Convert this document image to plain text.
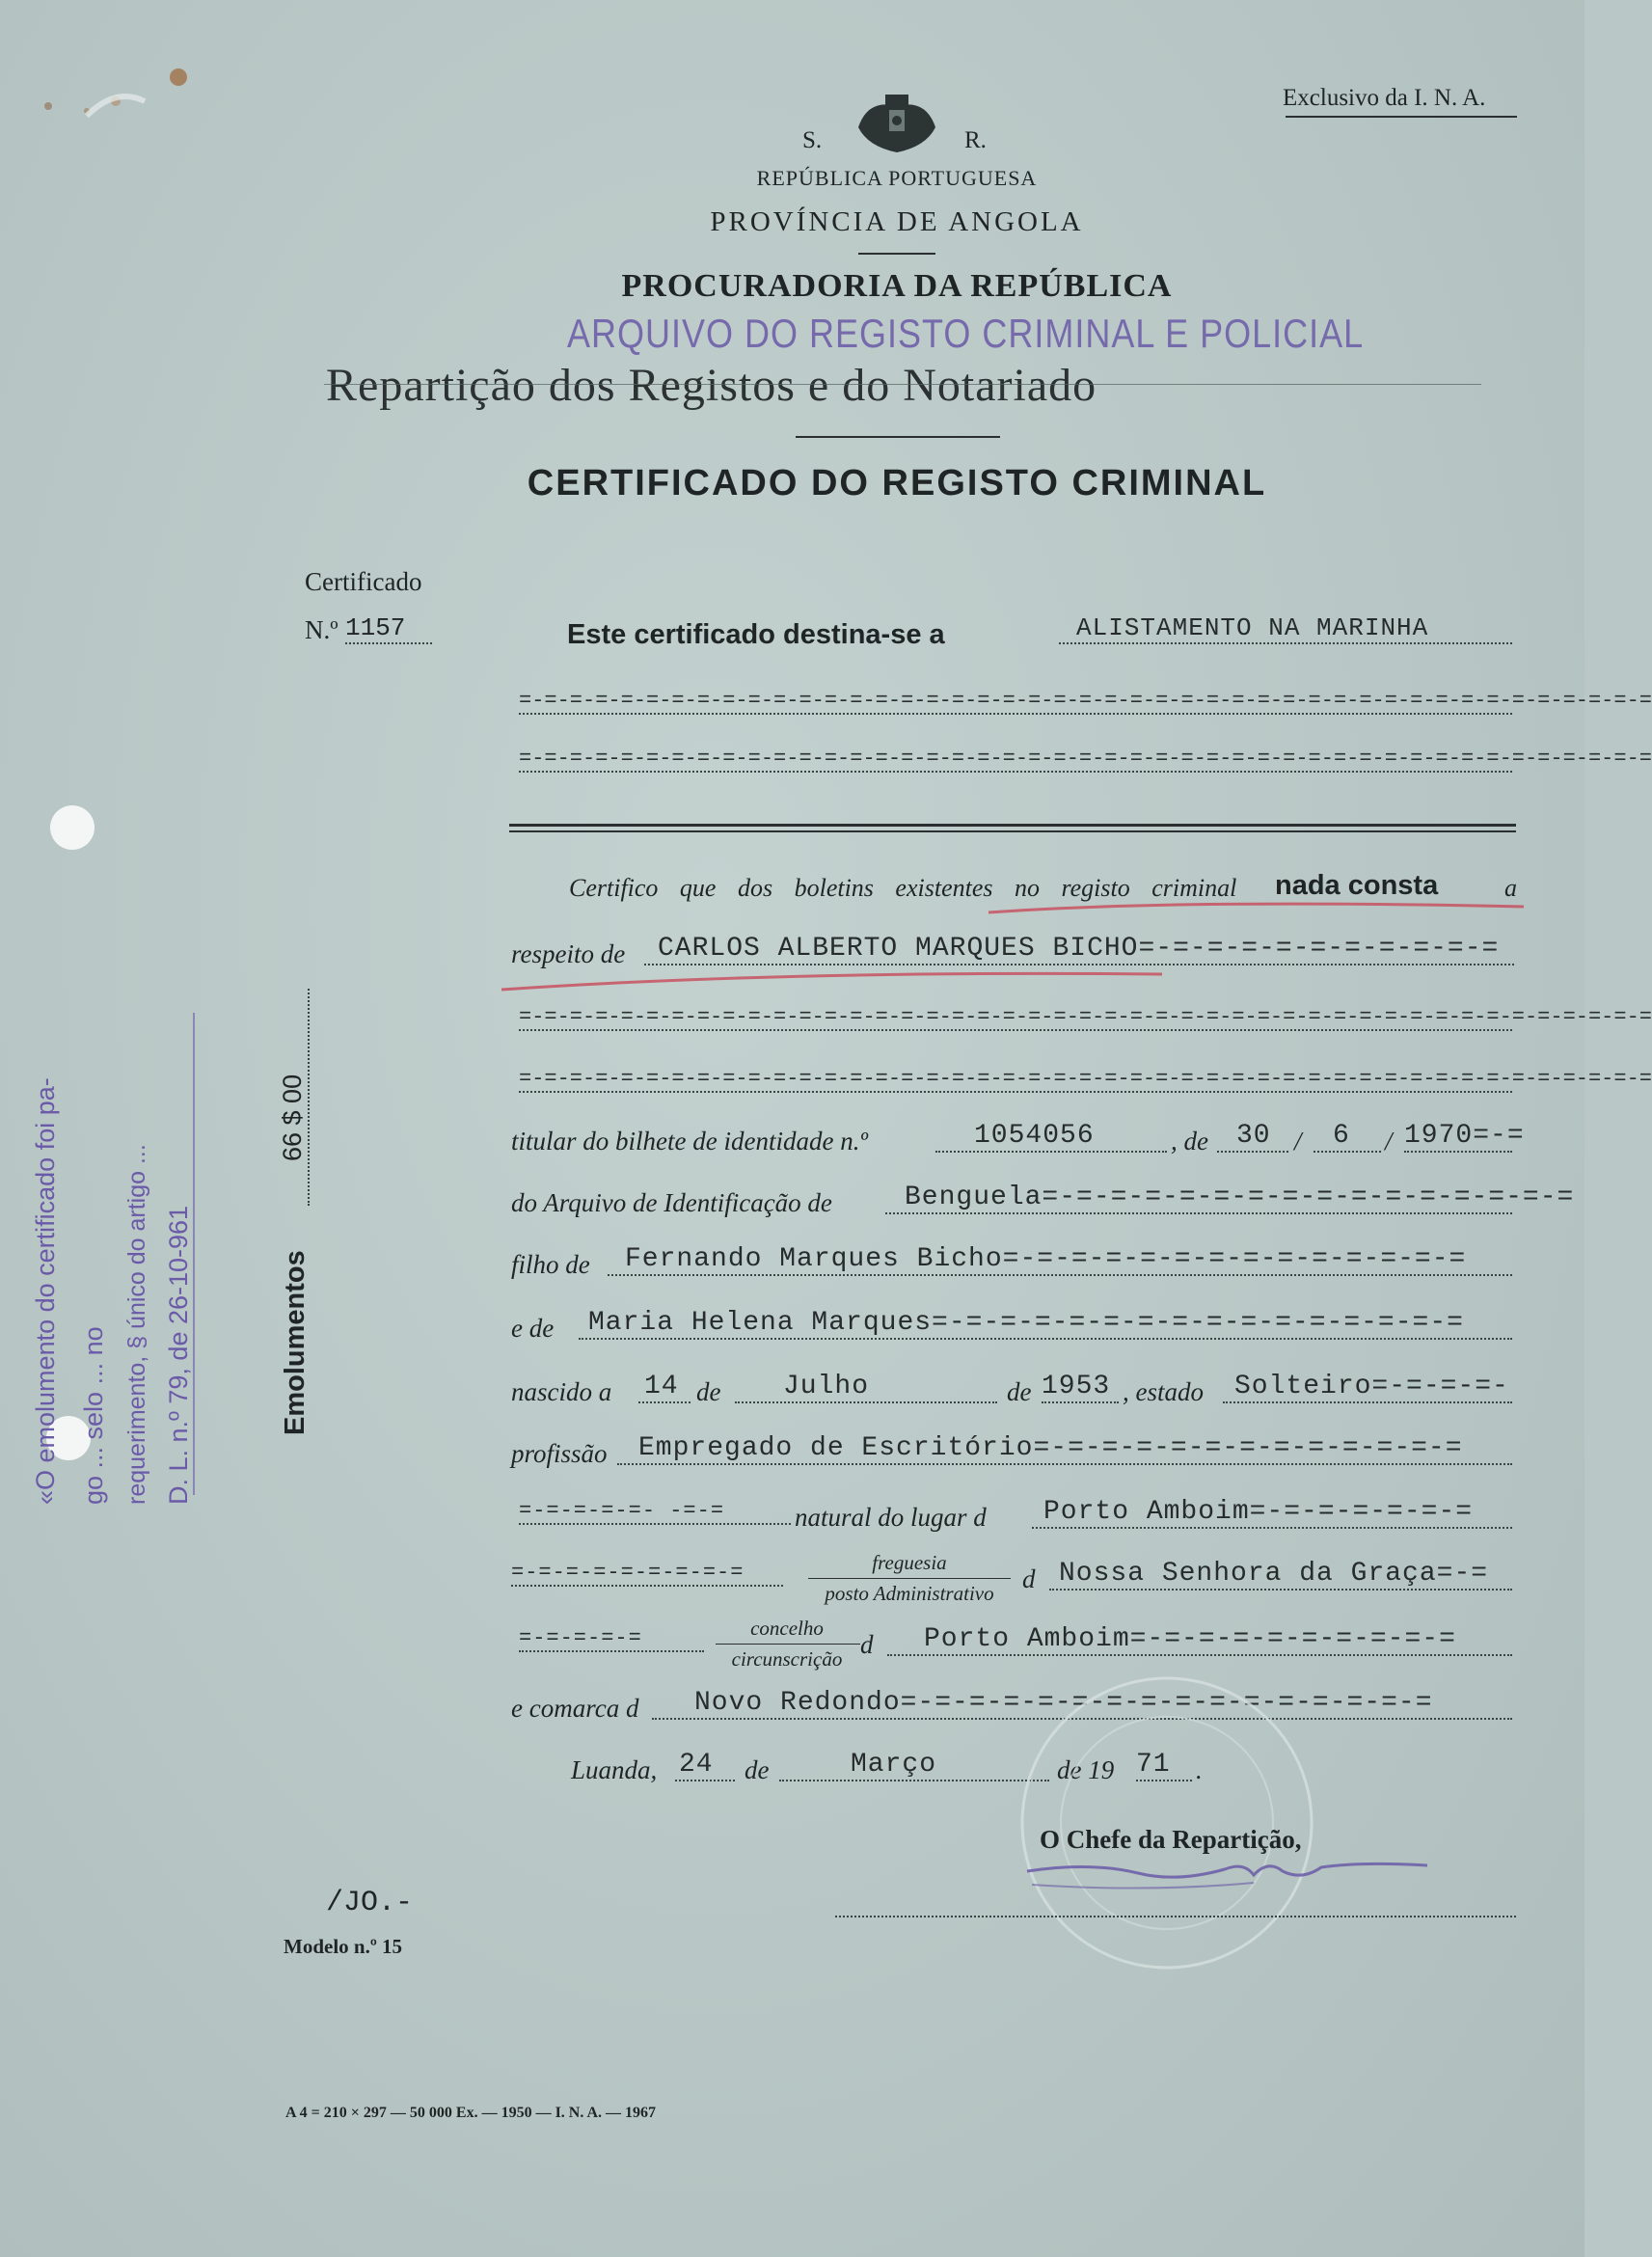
Exclusivo da I. N. A.
S.	R.
REPÚBLICA PORTUGUESA
PROVÍNCIA DE ANGOLA
PROCURADORIA DA REPÚBLICA
ARQUIVO DO REGISTO CRIMINAL E POLICIAL
Repartição dos Registos e do Notariado
CERTIFICADO DO REGISTO CRIMINAL
Certificado
N.º 1157	Este certificado destina-se a	ALISTAMENTO NA MARINHA
=-=-=-=-=-=-=-=-=-=-=-=-=-=-=-=-=-=-=-=-=-=-=-=-=-=-=-=-=-=-=-=-=-=-=-=-=-=-=-=-=-=-=-=-=
=-=-=-=-=-=-=-=-=-=-=-=-=-=-=-=-=-=-=-=-=-=-=-=-=-=-=-=-=-=-=-=-=-=-=-=-=-=-=-=-=-=-=-=-=
Certifico que dos boletins existentes no registo criminal nada consta	a
respeito de	CARLOS ALBERTO MARQUES BICHO=-=-=-=-=-=-=-=-=-=-=
=-=-=-=-=-=-=-=-=-=-=-=-=-=-=-=-=-=-=-=-=-=-=-=-=-=-=-=-=-=-=-=-=-=-=-=-=-=-=-=-=-=-=-=-=
=-=-=-=-=-=-=-=-=-=-=-=-=-=-=-=-=-=-=-=-=-=-=-=-=-=-=-=-=-=-=-=-=-=-=-=-=-=-=-=-=-=-=-=-=
titular do bilhete de identidade n.º	1054056	, de	30 /	6	/ 1970=-=
do Arquivo de Identificação de	Benguela=-=-=-=-=-=-=-=-=-=-=-=-=-=-=-=
filho de	Fernando Marques Bicho=-=-=-=-=-=-=-=-=-=-=-=-=-=
e de	Maria Helena Marques=-=-=-=-=-=-=-=-=-=-=-=-=-=-=-=
nascido a 14 de	Julho	de 1953 , estado	Solteiro=-=-=-=-
profissão	Empregado de Escritório=-=-=-=-=-=-=-=-=-=-=-=-=
=-=-=-=-=- -=-=	natural do lugar d	Porto Amboim=-=-=-=-=-=-=
=-=-=-=-=-=-=-=-=	freguesia
posto Administrativo	d Nossa Senhora da Graça=-=
=-=-=-=-=	concelho
circunscrição d	Porto Amboim=-=-=-=-=-=-=-=-=-=
e comarca d	Novo Redondo=-=-=-=-=-=-=-=-=-=-=-=-=-=-=-=
Luanda, 24	de	Março	de 19 71 .
O Chefe da Repartição,
«O emolumento do certificado foi pa- go ... selo ... no requerimento, § único do artigo ... D. L. n.º 79, de 26-10-961	Emolumentos
66 $ 00
/JO.-
Modelo n.º 15
A 4 = 210 × 297 — 50 000 Ex. — 1950 — I. N. A. — 1967
